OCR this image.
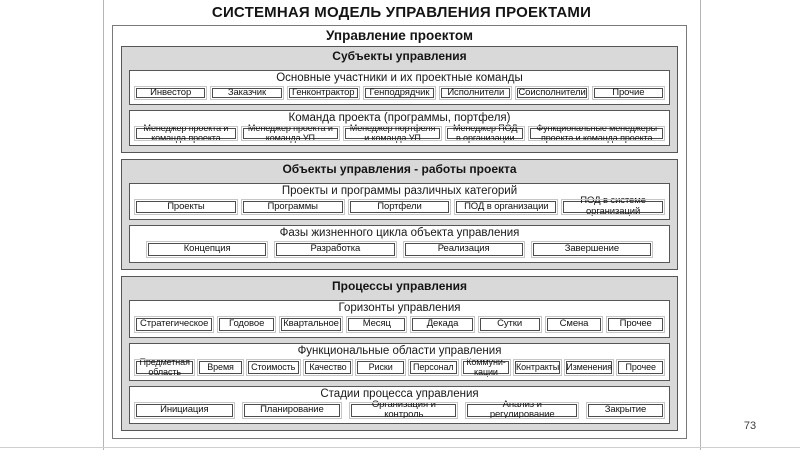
СИСТЕМНАЯ МОДЕЛЬ УПРАВЛЕНИЯ ПРОЕКТАМИ
Управление проектом
Субъекты управления
Основные участники и их проектные команды
Инвестор	Заказчик	Генконтрактор	Генподрядчик	Исполнители	Соисполнители	Прочие
Команда проекта (программы, портфеля)
Менеджер проекта и команда проекта
Менеджер проекта и команда УП
Менеджер портфеля и команда УП
Менеджер ПОД в организации
Функциональные менеджеры проекта и команда проекта
Объекты управления - работы проекта
Проекты и программы различных категорий
Проекты	Программы	Портфели	ПОД в организации	ПОД в системе организаций
Фазы жизненного цикла объекта управления
Концепция	Разработка	Реализация	Завершение
Процессы управления
Горизонты управления
Стратегическое	Годовое	Квартальное	Месяц	Декада	Сутки	Смена	Прочее
Функциональные области управления
Предметная область
Время	Стоимость	Качество	Риски	Персонал
Коммуни-кации
Контракты Изменения	Прочее
Стадии процесса управления
Инициация	Планирование	Организация и контроль
Анализ и регулирование	Закрытие
73
